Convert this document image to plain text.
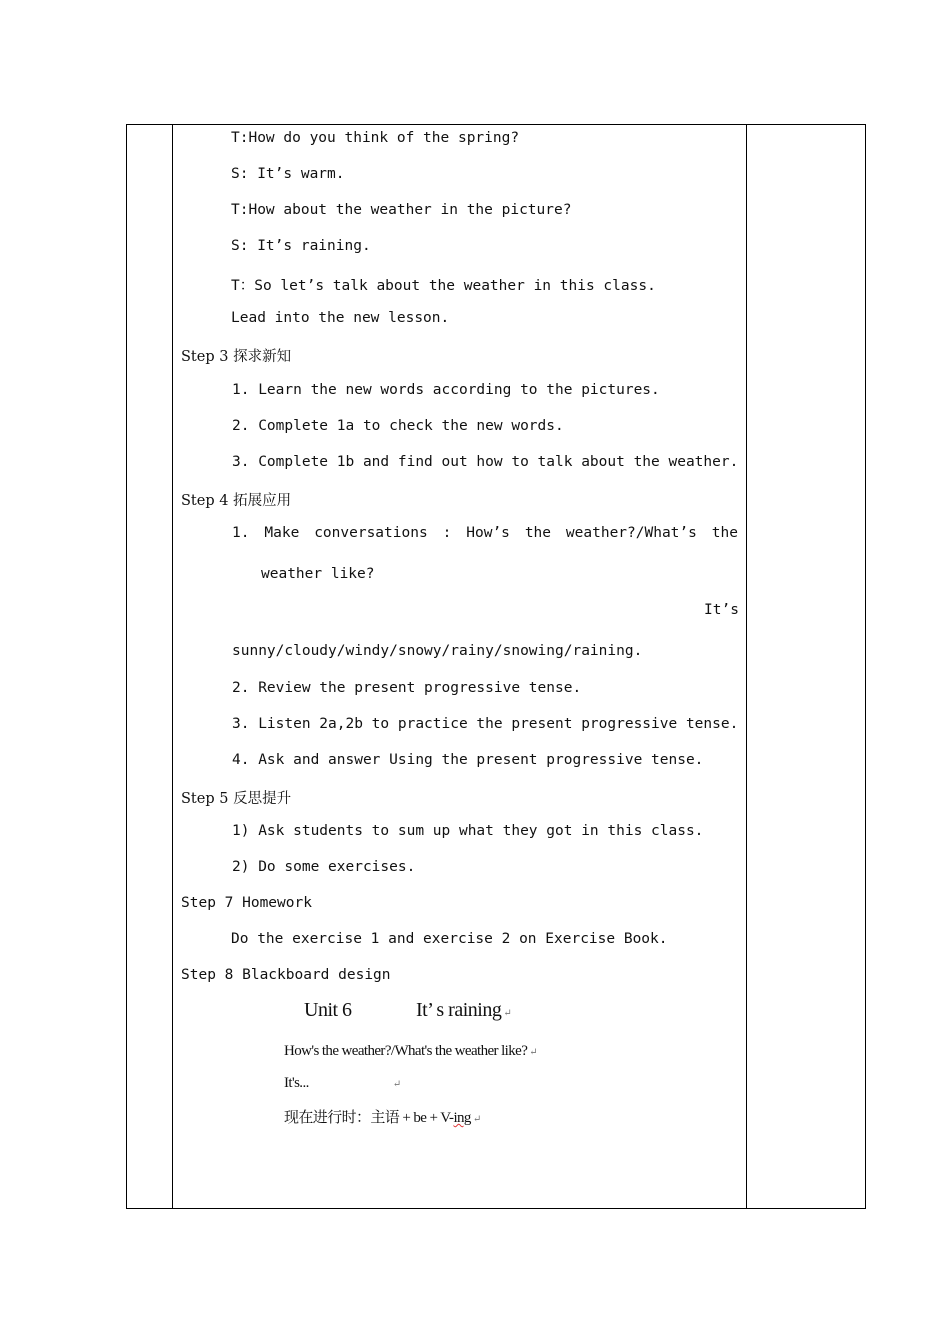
T:How do you think of the spring?
S: It’s warm.
T:How about the weather in the picture?
S: It’s raining.
T：So let’s talk about the weather in this class.
Lead into the new lesson.
Step 3 探求新知
1. Learn the new words according to the pictures.
2. Complete 1a to check the new words.
3. Complete 1b and find out how to talk about the weather.
Step 4 拓展应用
1. Make conversations : How’s the weather?/What’s the
weather like?
It’s
sunny/cloudy/windy/snowy/rainy/snowing/raining.
2. Review the present progressive tense.
3. Listen 2a,2b to practice the present progressive tense.
4. Ask and answer Using the present progressive tense.
Step 5 反思提升
1) Ask students to sum up what they got in this class.
2) Do some exercises.
Step 7 Homework
Do the exercise 1 and exercise 2 on Exercise Book.
Step 8 Blackboard design
Unit 6	It’ s raining ↵
How's the weather?/What's the weather like? ↵
It's...	↵
现在进行时：主语 + be + V-ing ↵
